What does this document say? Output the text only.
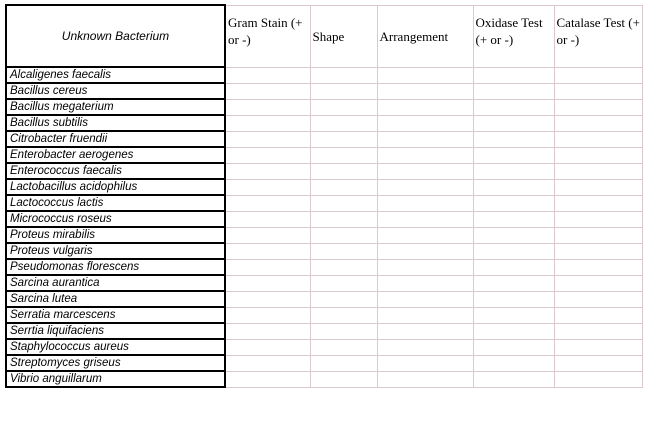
Unknown Bacterium	Gram Stain (+ or -)	Shape	Arrangement	Oxidase Test (+ or -)	Catalase Test (+ or -)
Alcaligenes faecalis					
Bacillus cereus					
Bacillus megaterium					
Bacillus subtilis					
Citrobacter fruendii					
Enterobacter aerogenes					
Enterococcus faecalis					
Lactobacillus acidophilus					
Lactococcus lactis					
Micrococcus roseus					
Proteus mirabilis					
Proteus vulgaris					
Pseudomonas florescens					
Sarcina aurantica					
Sarcina lutea					
Serratia marcescens					
Serrtia liquifaciens					
Staphylococcus aureus					
Streptomyces griseus					
Vibrio anguillarum					
